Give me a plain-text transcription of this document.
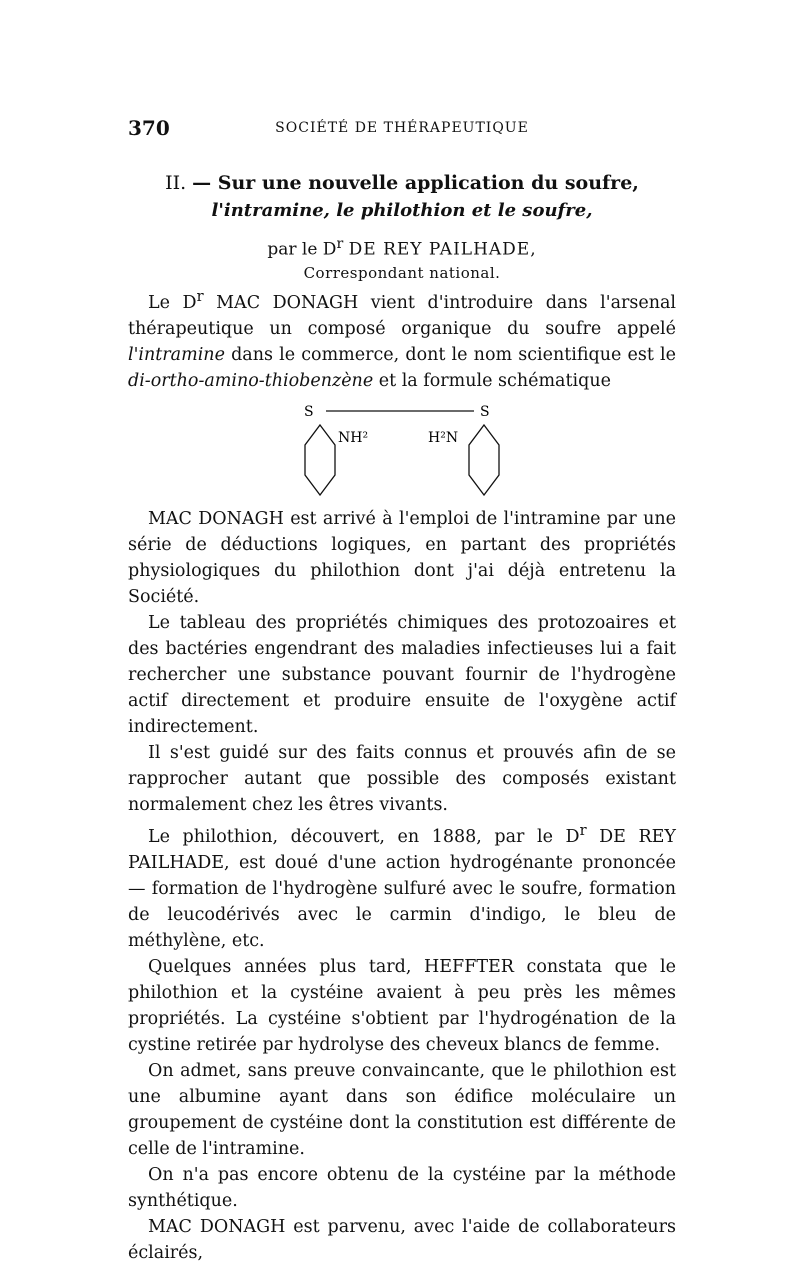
370	SOCIÉTÉ DE THÉRAPEUTIQUE

II. — Sur une nouvelle application du soufre,

l'intramine, le philothion et le soufre,

par le $D^r$ DE REY PAILHADE,

Correspondant national.

Le $D^r$ MAC DONAGH vient d'introduire dans l'arsenal thérapeutique un composé organique du soufre appelé l'intramine dans le commerce, dont le nom scientifique est le di-ortho-amino-thiobenzène et la formule schématique

S	S
NH²	H²N

MAC DONAGH est arrivé à l'emploi de l'intramine par une série de déductions logiques, en partant des propriétés physiologiques du philothion dont j'ai déjà entretenu la Société.

Le tableau des propriétés chimiques des protozoaires et des bactéries engendrant des maladies infectieuses lui a fait rechercher une substance pouvant fournir de l'hydrogène actif directement et produire ensuite de l'oxygène actif indirectement.

Il s'est guidé sur des faits connus et prouvés afin de se rapprocher autant que possible des composés existant normalement chez les êtres vivants.

Le philothion, découvert, en 1888, par le $D^r$ DE REY PAILHADE, est doué d'une action hydrogénante prononcée — formation de l'hydrogène sulfuré avec le soufre, formation de leucodérivés avec le carmin d'indigo, le bleu de méthylène, etc.

Quelques années plus tard, HEFFTER constata que le philothion et la cystéine avaient à peu près les mêmes propriétés. La cystéine s'obtient par l'hydrogénation de la cystine retirée par hydrolyse des cheveux blancs de femme.

On admet, sans preuve convaincante, que le philothion est une albumine ayant dans son édifice moléculaire un groupement de cystéine dont la constitution est différente de celle de l'intramine.

On n'a pas encore obtenu de la cystéine par la méthode synthétique.

MAC DONAGH est parvenu, avec l'aide de collaborateurs éclairés,
